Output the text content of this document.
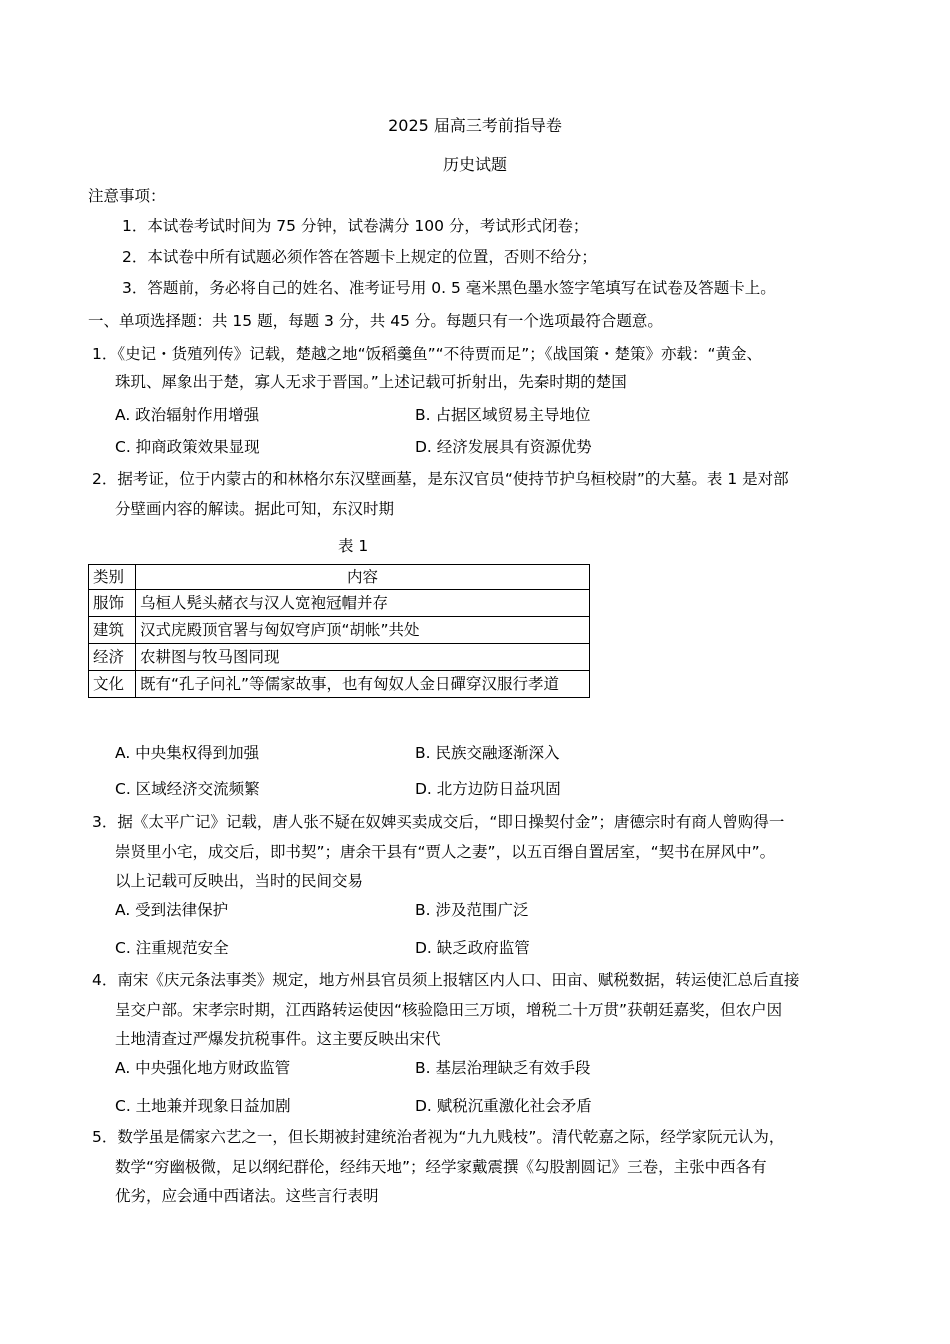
2025 届高三考前指导卷
历史试题
注意事项：
1．本试卷考试时间为 75 分钟，试卷满分 100 分，考试形式闭卷；
2．本试卷中所有试题必须作答在答题卡上规定的位置，否则不给分；
3．答题前，务必将自己的姓名、准考证号用 0. 5 毫米黑色墨水签字笔填写在试卷及答题卡上。
一、单项选择题：共 15 题，每题 3 分，共 45 分。每题只有一个选项最符合题意。
1．《史记・货殖列传》记载，楚越之地“饭稻羹鱼”“不待贾而足”；《战国策・楚策》亦载：“黄金、
珠玑、犀象出于楚，寡人无求于晋国。”上述记载可折射出，先秦时期的楚国
A. 政治辐射作用增强	B. 占据区域贸易主导地位
C. 抑商政策效果显现	D. 经济发展具有资源优势
2．据考证，位于内蒙古的和林格尔东汉壁画墓，是东汉官员“使持节护乌桓校尉”的大墓。表 1 是对部
分壁画内容的解读。据此可知，东汉时期
表 1
类别	内容
服饰	乌桓人髡头赭衣与汉人宽袍冠帽并存
建筑	汉式庑殿顶官署与匈奴穹庐顶“胡帐”共处
经济	农耕图与牧马图同现
文化	既有“孔子问礼”等儒家故事，也有匈奴人金日磾穿汉服行孝道
A. 中央集权得到加强	B. 民族交融逐渐深入
C. 区域经济交流频繁	D. 北方边防日益巩固
3．据《太平广记》记载，唐人张不疑在奴婢买卖成交后，“即日操契付金”；唐德宗时有商人曾购得一
崇贤里小宅，成交后，即书契”；唐余干县有“贾人之妻”，以五百缗自置居室，“契书在屏风中”。
以上记载可反映出，当时的民间交易
A. 受到法律保护	B. 涉及范围广泛
C. 注重规范安全	D. 缺乏政府监管
4．南宋《庆元条法事类》规定，地方州县官员须上报辖区内人口、田亩、赋税数据，转运使汇总后直接
呈交户部。宋孝宗时期，江西路转运使因“核验隐田三万顷，增税二十万贯”获朝廷嘉奖，但农户因
土地清查过严爆发抗税事件。这主要反映出宋代
A. 中央强化地方财政监管	B. 基层治理缺乏有效手段
C. 土地兼并现象日益加剧	D. 赋税沉重激化社会矛盾
5．数学虽是儒家六艺之一，但长期被封建统治者视为“九九贱枝”。清代乾嘉之际，经学家阮元认为，
数学“穷幽极微，足以纲纪群伦，经纬天地”；经学家戴震撰《勾股割圆记》三卷，主张中西各有
优劣，应会通中西诸法。这些言行表明
